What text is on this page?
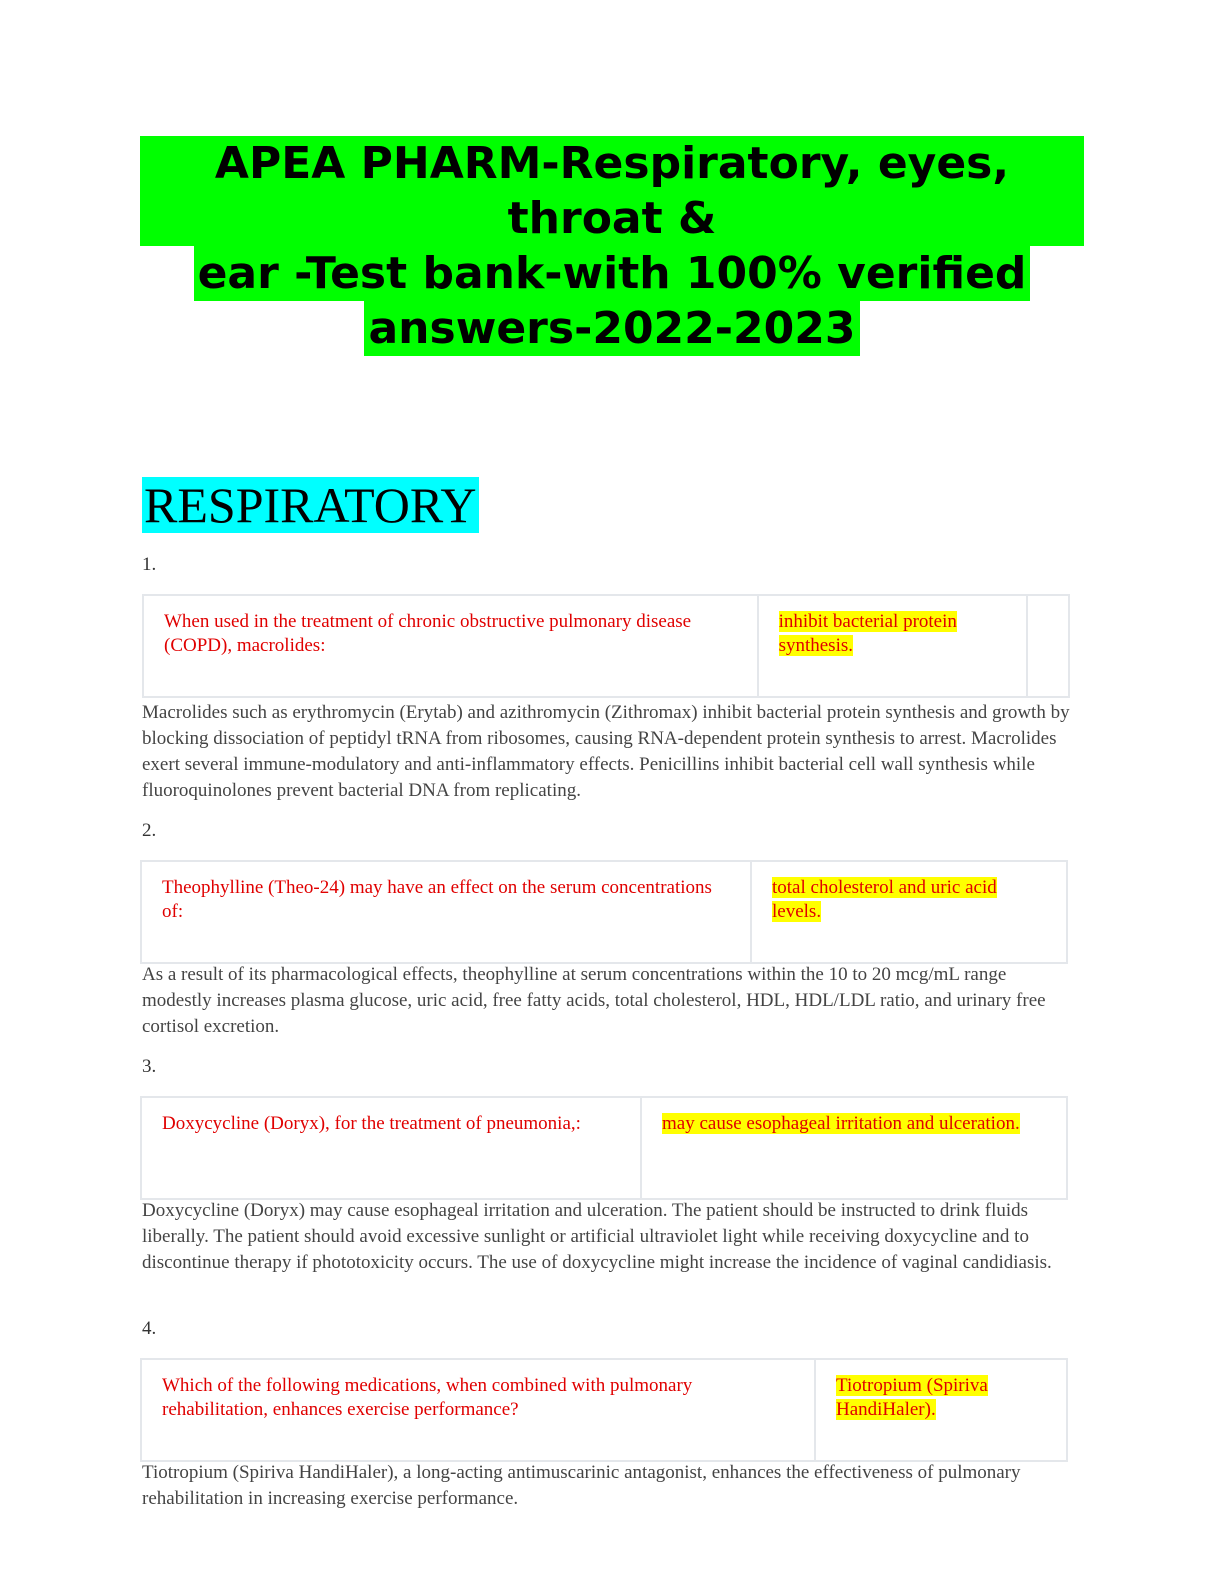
APEA PHARM-Respiratory, eyes, throat &
ear -Test bank-with 100% verified
answers-2022-2023
RESPIRATORY
1.
When used in the treatment of chronic obstructive pulmonary disease (COPD), macrolides:
inhibit bacterial protein synthesis.
Macrolides such as erythromycin (Erytab) and azithromycin (Zithromax) inhibit bacterial protein synthesis and growth by blocking dissociation of peptidyl tRNA from ribosomes, causing RNA-dependent protein synthesis to arrest. Macrolides exert several immune-modulatory and anti-inflammatory effects. Penicillins inhibit bacterial cell wall synthesis while fluoroquinolones prevent bacterial DNA from replicating.
2.
Theophylline (Theo-24) may have an effect on the serum concentrations of:
total cholesterol and uric acid levels.
As a result of its pharmacological effects, theophylline at serum concentrations within the 10 to 20 mcg/mL range modestly increases plasma glucose, uric acid, free fatty acids, total cholesterol, HDL, HDL/LDL ratio, and urinary free cortisol excretion.
3.
Doxycycline (Doryx), for the treatment of pneumonia,:	may cause esophageal irritation and ulceration.
Doxycycline (Doryx) may cause esophageal irritation and ulceration. The patient should be instructed to drink fluids liberally. The patient should avoid excessive sunlight or artificial ultraviolet light while receiving doxycycline and to discontinue therapy if phototoxicity occurs. The use of doxycycline might increase the incidence of vaginal candidiasis.
4.
Which of the following medications, when combined with pulmonary rehabilitation, enhances exercise performance?
Tiotropium (Spiriva HandiHaler).
Tiotropium (Spiriva HandiHaler), a long-acting antimuscarinic antagonist, enhances the effectiveness of pulmonary rehabilitation in increasing exercise performance.
